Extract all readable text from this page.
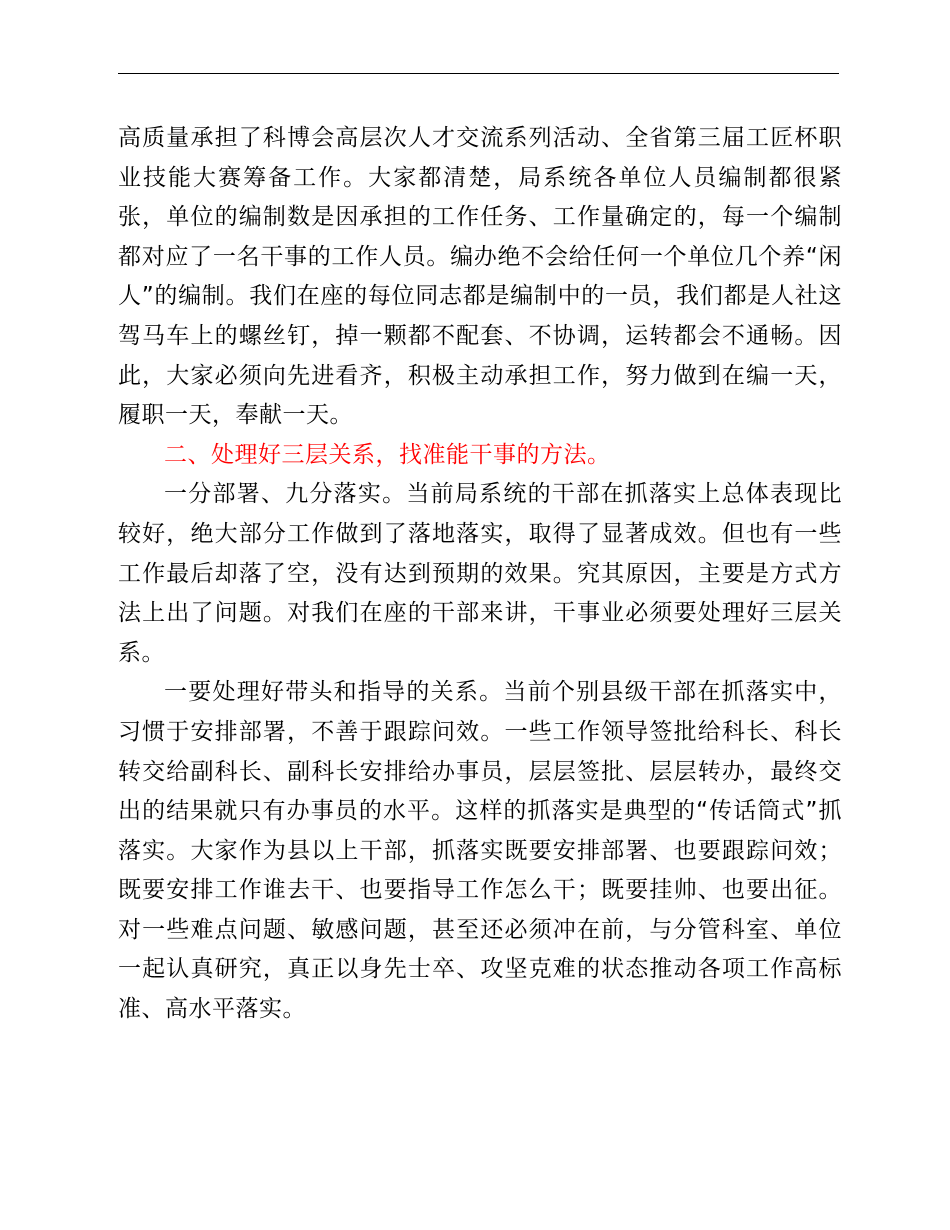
高质量承担了科博会高层次人才交流系列活动、全省第三届工匠杯职业技能大赛筹备工作。大家都清楚，局系统各单位人员编制都很紧张，单位的编制数是因承担的工作任务、工作量确定的，每一个编制都对应了一名干事的工作人员。编办绝不会给任何一个单位几个养“闲人”的编制。我们在座的每位同志都是编制中的一员，我们都是人社这驾马车上的螺丝钉，掉一颗都不配套、不协调，运转都会不通畅。因此，大家必须向先进看齐，积极主动承担工作，努力做到在编一天，履职一天，奉献一天。

二、处理好三层关系，找准能干事的方法。

一分部署、九分落实。当前局系统的干部在抓落实上总体表现比较好，绝大部分工作做到了落地落实，取得了显著成效。但也有一些工作最后却落了空，没有达到预期的效果。究其原因，主要是方式方法上出了问题。对我们在座的干部来讲，干事业必须要处理好三层关系。

一要处理好带头和指导的关系。当前个别县级干部在抓落实中，习惯于安排部署，不善于跟踪问效。一些工作领导签批给科长、科长转交给副科长、副科长安排给办事员，层层签批、层层转办，最终交出的结果就只有办事员的水平。这样的抓落实是典型的“传话筒式”抓落实。大家作为县以上干部，抓落实既要安排部署、也要跟踪问效；既要安排工作谁去干、也要指导工作怎么干；既要挂帅、也要出征。对一些难点问题、敏感问题，甚至还必须冲在前，与分管科室、单位一起认真研究，真正以身先士卒、攻坚克难的状态推动各项工作高标准、高水平落实。
